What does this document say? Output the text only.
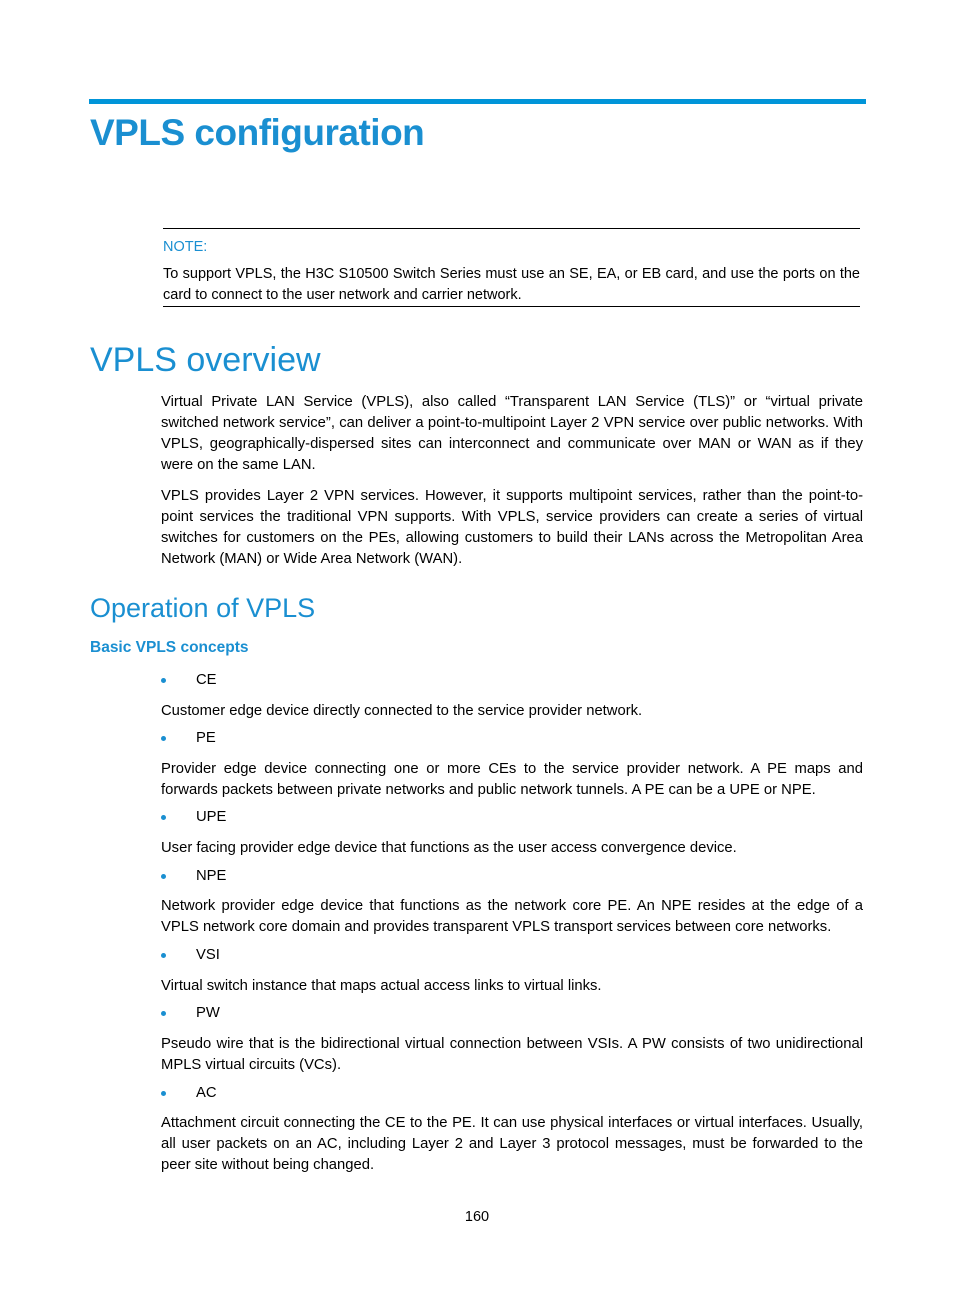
VPLS configuration
NOTE:
To support VPLS, the H3C S10500 Switch Series must use an SE, EA, or EB card, and use the ports on the card to connect to the user network and carrier network.
VPLS overview

Virtual Private LAN Service (VPLS), also called “Transparent LAN Service (TLS)” or “virtual private switched network service”, can deliver a point-to-multipoint Layer 2 VPN service over public networks. With VPLS, geographically-dispersed sites can interconnect and communicate over MAN or WAN as if they were on the same LAN.

VPLS provides Layer 2 VPN services. However, it supports multipoint services, rather than the point-to-point services the traditional VPN supports. With VPLS, service providers can create a series of virtual switches for customers on the PEs, allowing customers to build their LANs across the Metropolitan Area Network (MAN) or Wide Area Network (WAN).

Operation of VPLS
Basic VPLS concepts
CE

Customer edge device directly connected to the service provider network.

PE

Provider edge device connecting one or more CEs to the service provider network. A PE maps and forwards packets between private networks and public network tunnels. A PE can be a UPE or NPE.

UPE

User facing provider edge device that functions as the user access convergence device.

NPE

Network provider edge device that functions as the network core PE. An NPE resides at the edge of a VPLS network core domain and provides transparent VPLS transport services between core networks.

VSI

Virtual switch instance that maps actual access links to virtual links.

PW

Pseudo wire that is the bidirectional virtual connection between VSIs. A PW consists of two unidirectional MPLS virtual circuits (VCs).

AC

Attachment circuit connecting the CE to the PE. It can use physical interfaces or virtual interfaces. Usually, all user packets on an AC, including Layer 2 and Layer 3 protocol messages, must be forwarded to the peer site without being changed.

160
